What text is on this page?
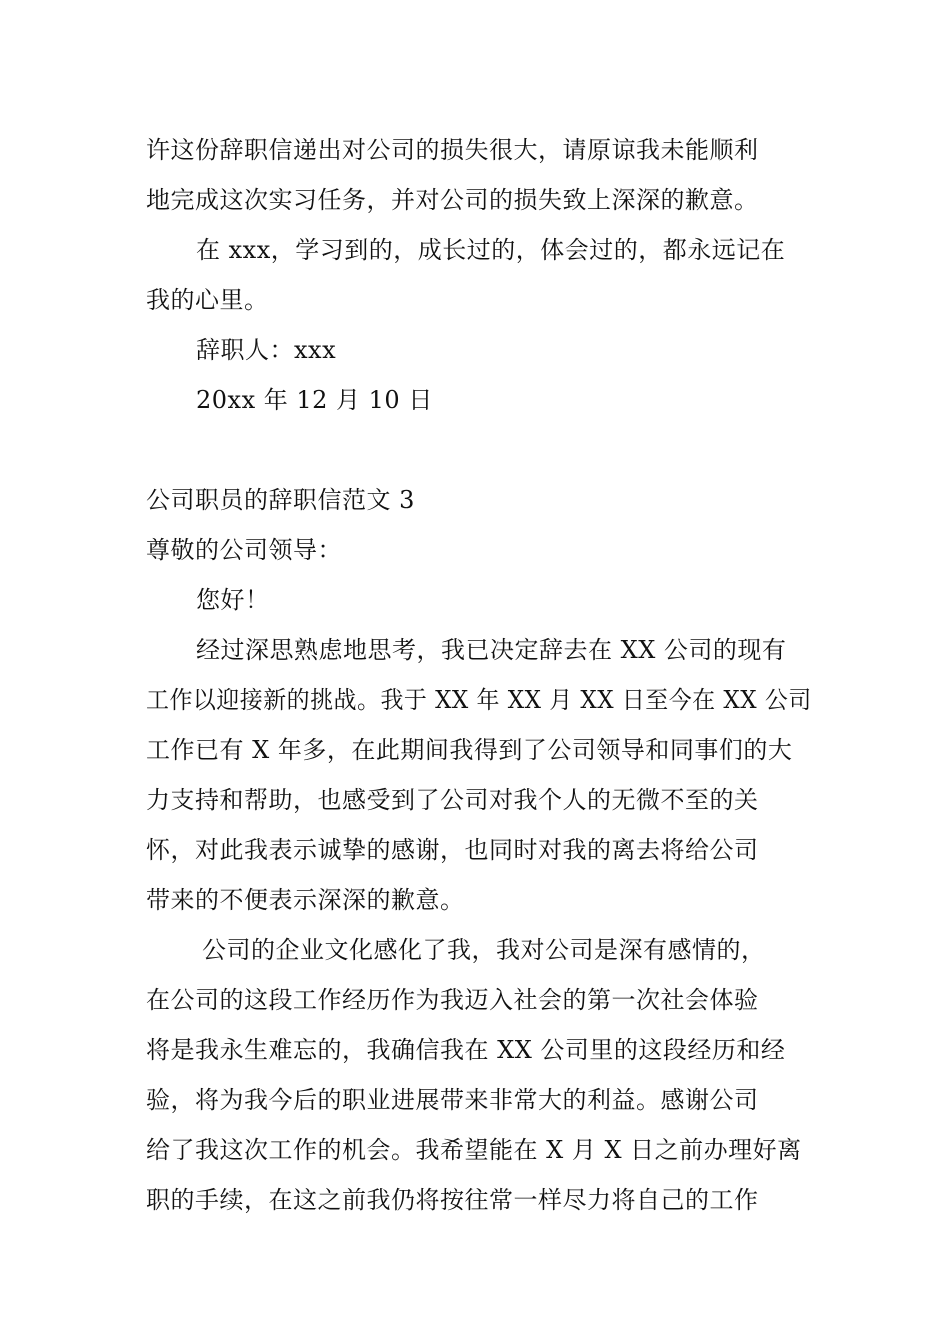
许这份辞职信递出对公司的损失很大，请原谅我未能顺利
地完成这次实习任务，并对公司的损失致上深深的歉意。
在 xxx，学习到的，成长过的，体会过的，都永远记在
我的心里。
辞职人：xxx
20xx 年 12 月 10 日
公司职员的辞职信范文 3
尊敬的公司领导：
您好！
经过深思熟虑地思考，我已决定辞去在 XX 公司的现有
工作以迎接新的挑战。我于 XX 年 XX 月 XX 日至今在 XX 公司
工作已有 X 年多，在此期间我得到了公司领导和同事们的大
力支持和帮助，也感受到了公司对我个人的无微不至的关
怀，对此我表示诚挚的感谢，也同时对我的离去将给公司
带来的不便表示深深的歉意。
公司的企业文化感化了我，我对公司是深有感情的，
在公司的这段工作经历作为我迈入社会的第一次社会体验
将是我永生难忘的，我确信我在 XX 公司里的这段经历和经
验，将为我今后的职业进展带来非常大的利益。感谢公司
给了我这次工作的机会。我希望能在 X 月 X 日之前办理好离
职的手续，在这之前我仍将按往常一样尽力将自己的工作
